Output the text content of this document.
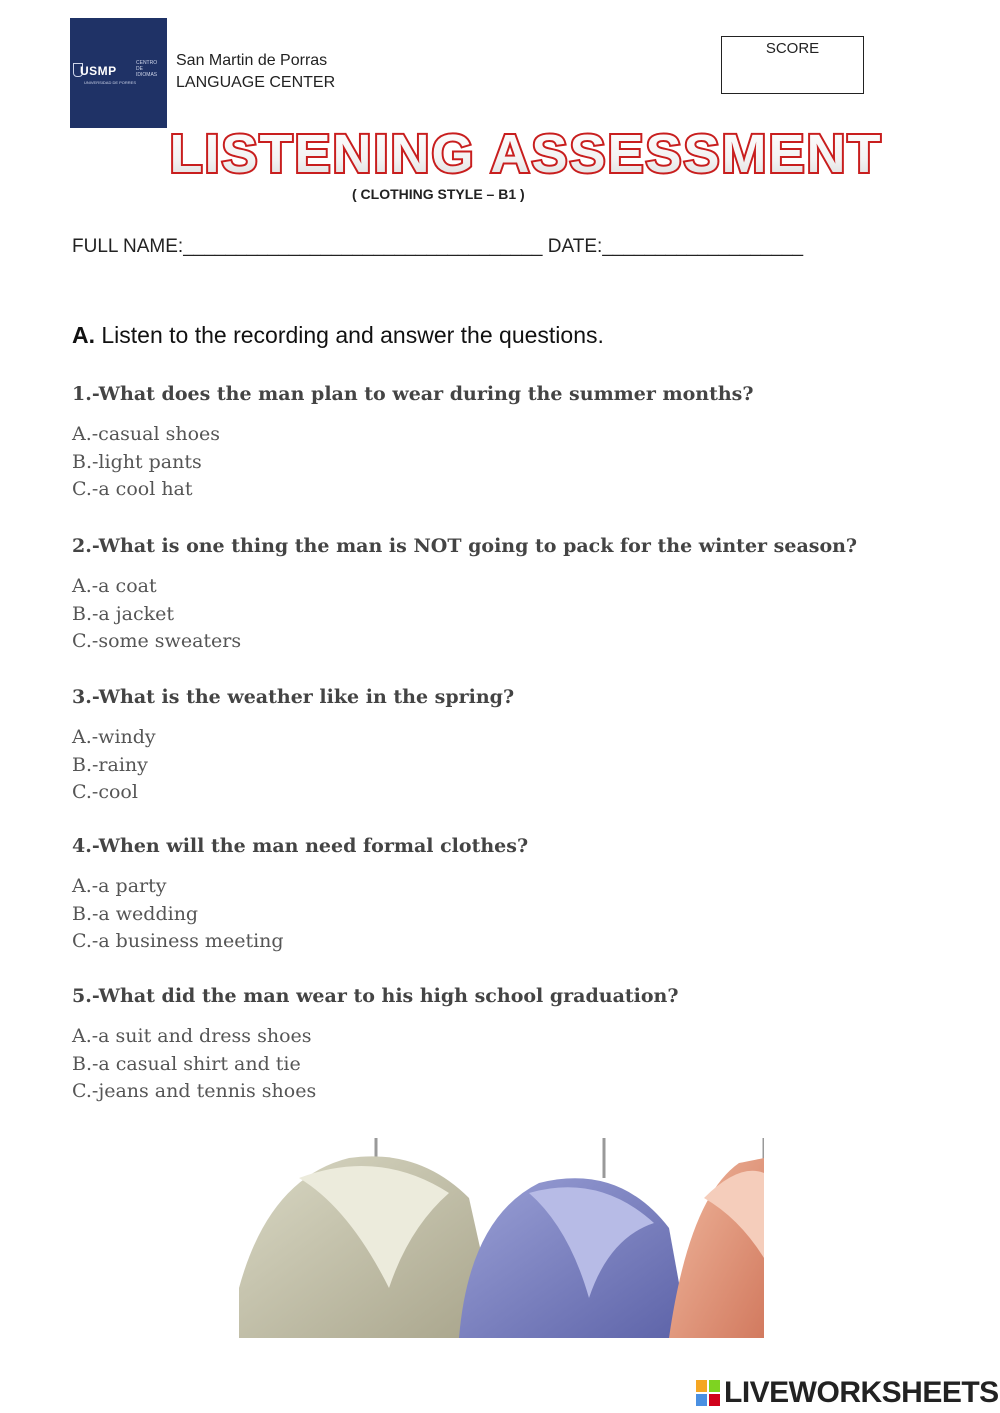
USMP
UNIVERSIDAD DE PORRES
CENTRO DE IDIOMAS
San Martin de Porras
LANGUAGE CENTER
SCORE
LISTENING ASSESSMENT
( CLOTHING STYLE – B1 )
FULL NAME:__________________________________ DATE:___________________
A. Listen to the recording and answer the questions.
1.-What does the man plan to wear during the summer months?
A.-casual shoes
B.-light pants
C.-a cool hat
2.-What is one thing the man is NOT going to pack for the winter season?
A.-a coat
B.-a jacket
C.-some sweaters
3.-What is the weather like in the spring?
A.-windy
B.-rainy
C.-cool
4.-When will the man need formal clothes?
A.-a party
B.-a wedding
C.-a business meeting
5.-What did the man wear to his high school graduation?
A.-a suit and dress shoes
B.-a casual shirt and tie
C.-jeans and tennis shoes
LIVEWORKSHEETS
